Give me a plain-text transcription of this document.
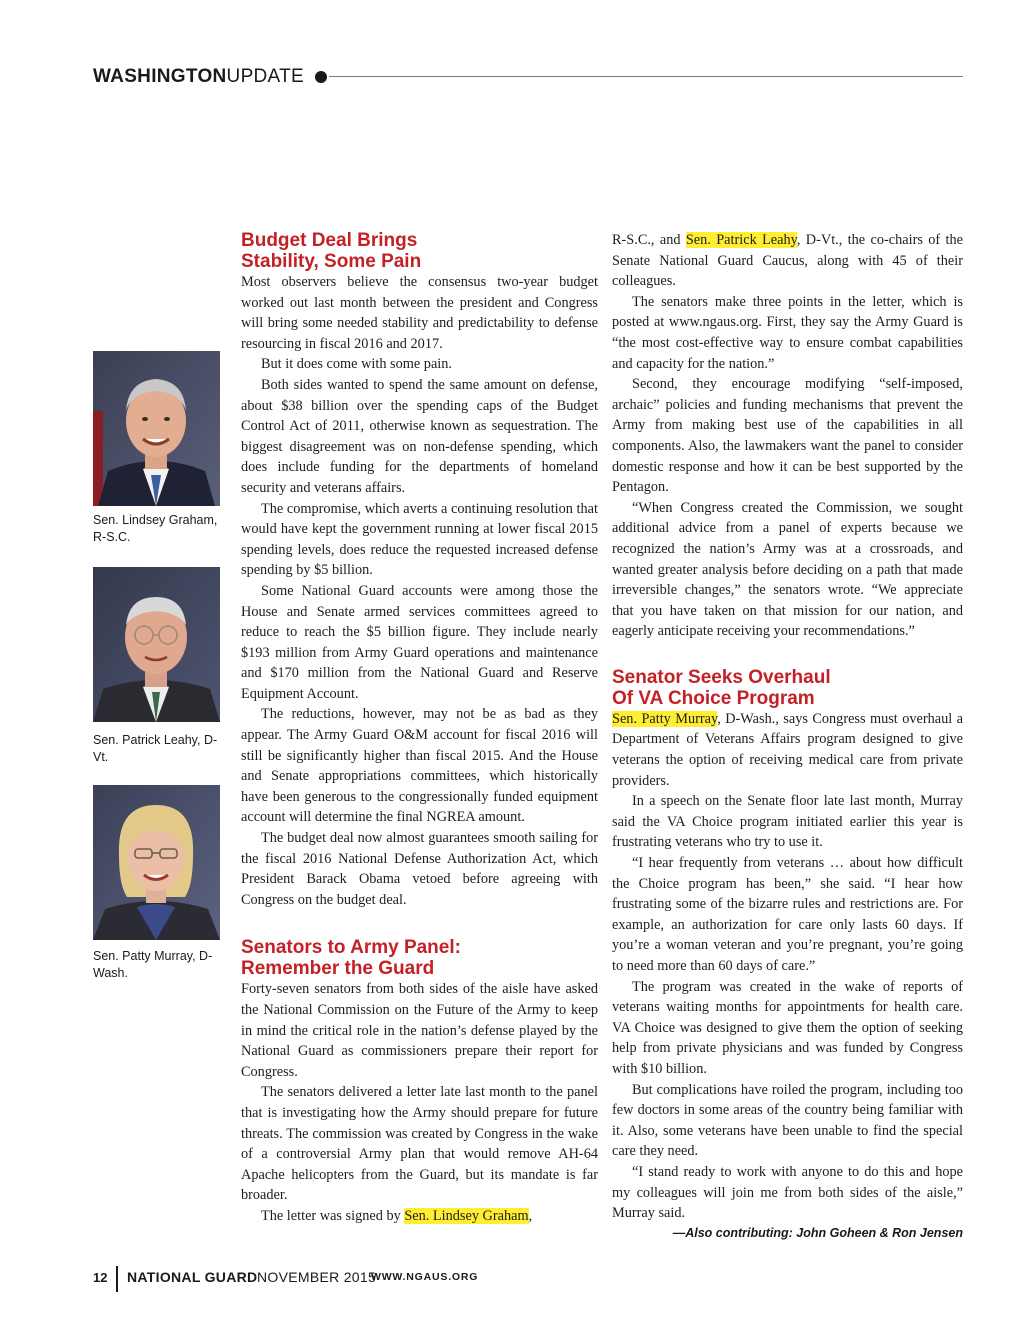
WASHINGTONUPDATE
Sen. Lindsey Graham, R-S.C.
Sen. Patrick Leahy, D-Vt.
Sen. Patty Murray, D-Wash.
Budget Deal Brings
Stability, Some Pain

Most observers believe the consensus two-year budget worked out last month between the president and Congress will bring some needed stability and predictability to defense resourcing in fiscal 2016 and 2017.

But it does come with some pain.

Both sides wanted to spend the same amount on defense, about $38 billion over the spending caps of the Budget Control Act of 2011, otherwise known as sequestration. The biggest disagreement was on non-defense spending, which does include funding for the departments of homeland security and veterans affairs.

The compromise, which averts a continuing resolution that would have kept the government running at lower fiscal 2015 spending levels, does reduce the requested increased defense spending by $5 billion.

Some National Guard accounts were among those the House and Senate armed services committees agreed to reduce to reach the $5 billion figure. They include nearly $193 million from Army Guard operations and maintenance and $170 million from the National Guard and Reserve Equipment Account.

The reductions, however, may not be as bad as they appear. The Army Guard O&M account for fiscal 2016 will still be significantly higher than fiscal 2015. And the House and Senate appropriations committees, which historically have been generous to the congressionally funded equipment account will determine the final NGREA amount.

The budget deal now almost guarantees smooth sailing for the fiscal 2016 National Defense Authorization Act, which President Barack Obama vetoed before agreeing with Congress on the budget deal.

Senators to Army Panel:
Remember the Guard

Forty-seven senators from both sides of the aisle have asked the National Commission on the Future of the Army to keep in mind the critical role in the nation’s defense played by the National Guard as commissioners prepare their report for Congress.

The senators delivered a letter late last month to the panel that is investigating how the Army should prepare for future threats. The commission was created by Congress in the wake of a controversial Army plan that would remove AH-64 Apache helicopters from the Guard, but its mandate is far broader.

The letter was signed by Sen. Lindsey Graham,

R-S.C., and Sen. Patrick Leahy, D-Vt., the co-chairs of the Senate National Guard Caucus, along with 45 of their colleagues.

The senators make three points in the letter, which is posted at www.ngaus.org. First, they say the Army Guard is “the most cost-effective way to ensure combat capabilities and capacity for the nation.”

Second, they encourage modifying “self-imposed, archaic” policies and funding mechanisms that prevent the Army from making best use of the capabilities in all components. Also, the lawmakers want the panel to consider domestic response and how it can be best supported by the Pentagon.

“When Congress created the Commission, we sought additional advice from a panel of experts because we recognized the nation’s Army was at a crossroads, and wanted greater analysis before deciding on a path that made irreversible changes,” the senators wrote. “We appreciate that you have taken on that mission for our nation, and eagerly anticipate receiving your recommendations.”

Senator Seeks Overhaul
Of VA Choice Program

Sen. Patty Murray, D-Wash., says Congress must overhaul a Department of Veterans Affairs program designed to give veterans the option of receiving medical care from private providers.

In a speech on the Senate floor late last month, Murray said the VA Choice program initiated earlier this year is frustrating veterans who try to use it.

“I hear frequently from veterans … about how difficult the Choice program has been,” she said. “I hear how frustrating some of the bizarre rules and restrictions are. For example, an authorization for care only lasts 60 days. If you’re a woman veteran and you’re pregnant, you’re going to need more than 60 days of care.”

The program was created in the wake of reports of veterans waiting months for appointments for health care. VA Choice was designed to give them the option of seeking help from private physicians and was funded by Congress with $10 billion.

But complications have roiled the program, including too few doctors in some areas of the country being familiar with it. Also, some veterans have been unable to find the special care they need.

“I stand ready to work with anyone to do this and hope my colleagues will join me from both sides of the aisle,” Murray said.

—Also contributing: John Goheen & Ron Jensen
12 NATIONAL GUARD NOVEMBER 2015
WWW.NGAUS.ORG
